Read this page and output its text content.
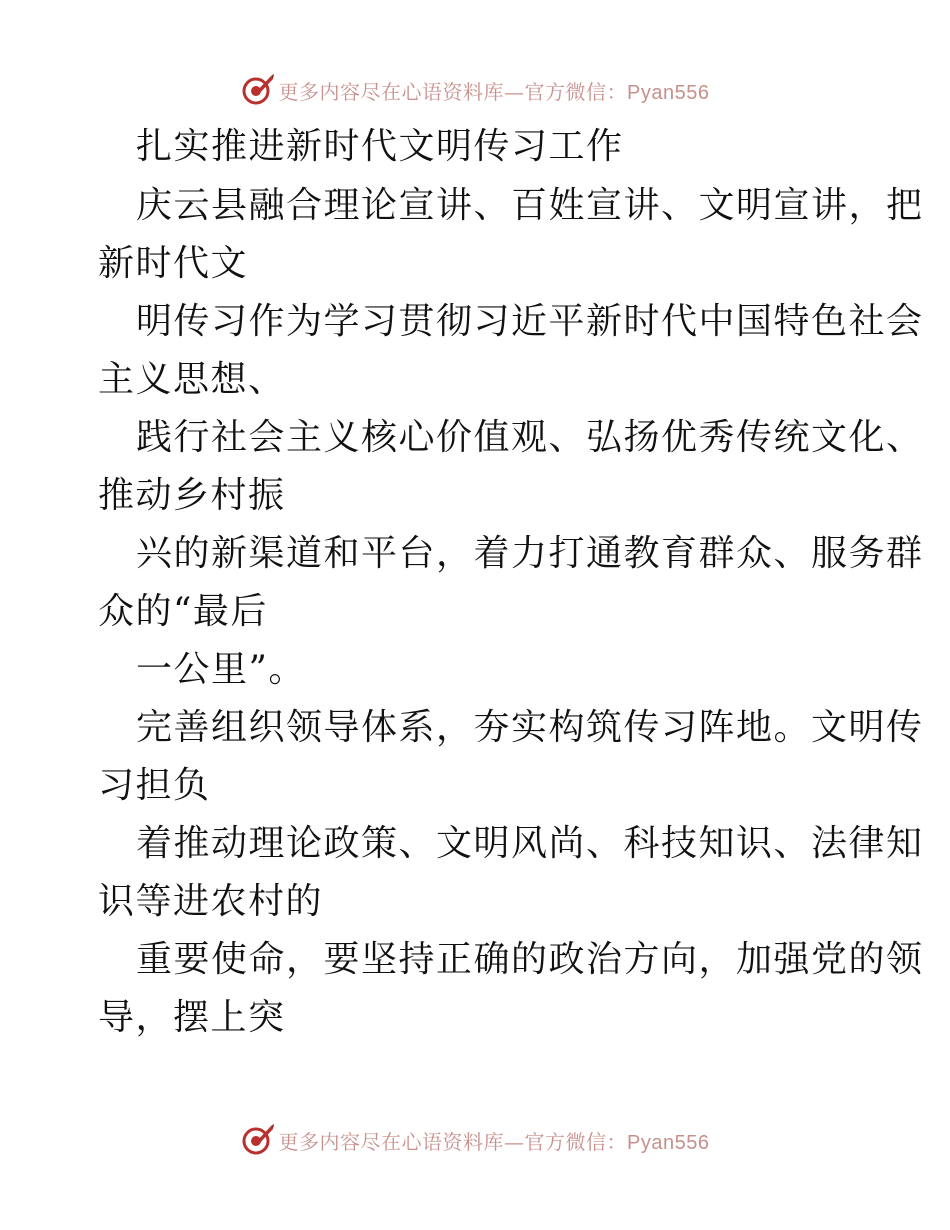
更多内容尽在心语资料库—官方微信：Pyan556
扎实推进新时代文明传习工作
庆云县融合理论宣讲、百姓宣讲、文明宣讲，把
新时代文
明传习作为学习贯彻习近平新时代中国特色社会
主义思想、
践行社会主义核心价值观、弘扬优秀传统文化、
推动乡村振
兴的新渠道和平台，着力打通教育群众、服务群
众的“最后
一公里”。
完善组织领导体系，夯实构筑传习阵地。文明传
习担负
着推动理论政策、文明风尚、科技知识、法律知
识等进农村的
重要使命，要坚持正确的政治方向，加强党的领
导，摆上突
更多内容尽在心语资料库—官方微信：Pyan556
